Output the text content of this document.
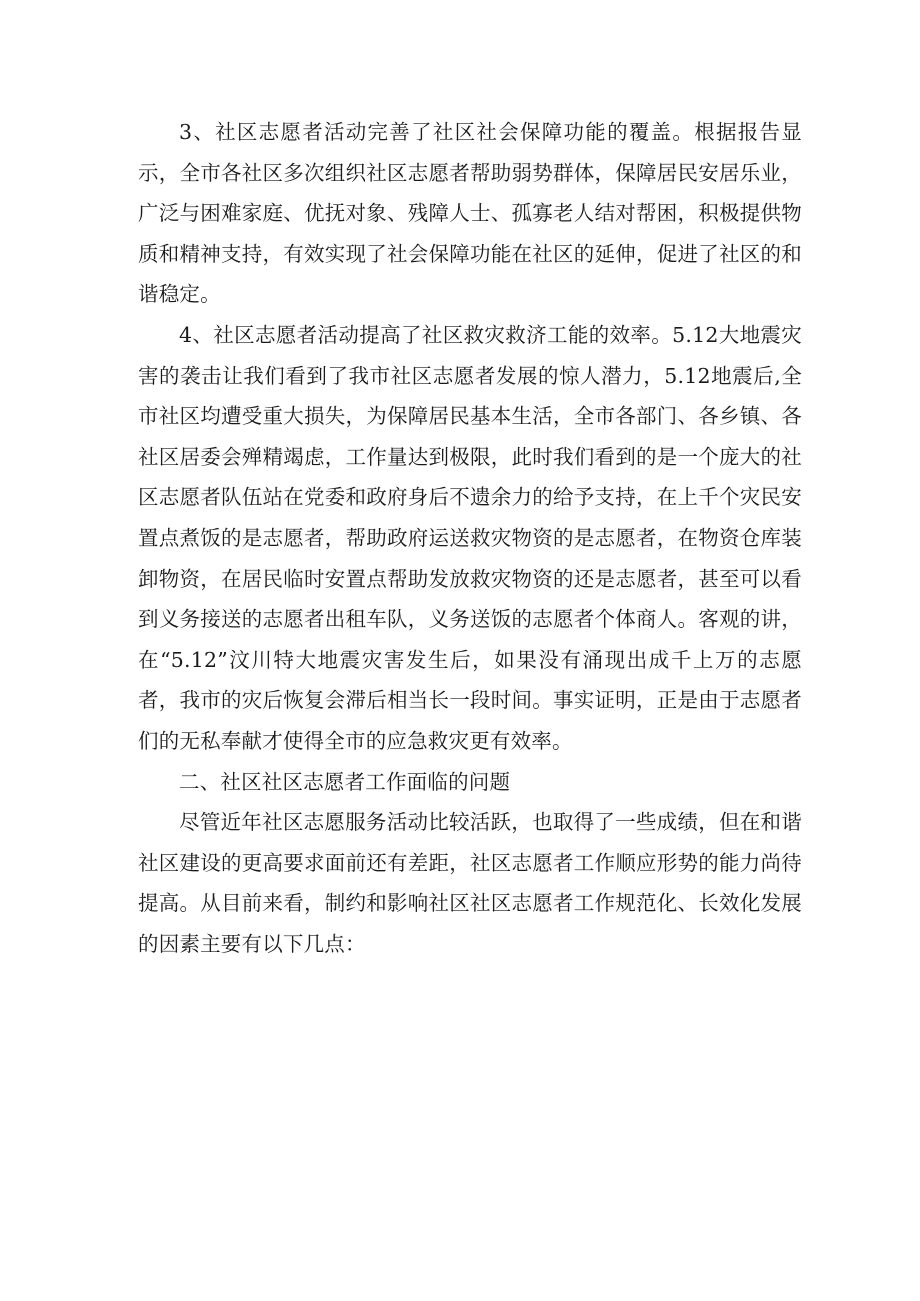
3、社区志愿者活动完善了社区社会保障功能的覆盖。根据报告显示，全市各社区多次组织社区志愿者帮助弱势群体，保障居民安居乐业，广泛与困难家庭、优抚对象、残障人士、孤寡老人结对帮困，积极提供物质和精神支持，有效实现了社会保障功能在社区的延伸，促进了社区的和谐稳定。

4、社区志愿者活动提高了社区救灾救济工能的效率。5.12大地震灾害的袭击让我们看到了我市社区志愿者发展的惊人潜力，5.12地震后,全市社区均遭受重大损失，为保障居民基本生活，全市各部门、各乡镇、各社区居委会殚精竭虑，工作量达到极限，此时我们看到的是一个庞大的社区志愿者队伍站在党委和政府身后不遗余力的给予支持，在上千个灾民安置点煮饭的是志愿者，帮助政府运送救灾物资的是志愿者，在物资仓库装卸物资，在居民临时安置点帮助发放救灾物资的还是志愿者，甚至可以看到义务接送的志愿者出租车队，义务送饭的志愿者个体商人。客观的讲，在“5.12”汶川特大地震灾害发生后，如果没有涌现出成千上万的志愿者，我市的灾后恢复会滞后相当长一段时间。事实证明，正是由于志愿者们的无私奉献才使得全市的应急救灾更有效率。

二、社区社区志愿者工作面临的问题

尽管近年社区志愿服务活动比较活跃，也取得了一些成绩，但在和谐社区建设的更高要求面前还有差距，社区志愿者工作顺应形势的能力尚待提高。从目前来看，制约和影响社区社区志愿者工作规范化、长效化发展的因素主要有以下几点：
